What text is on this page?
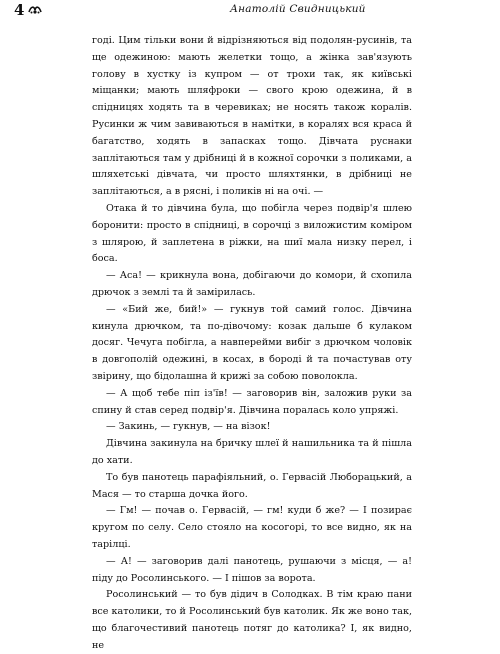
4	Анатолій Свидницький

годі. Цим тільки вони й відрізняються від подолян-русинів, та ще одежиною: мають желетки тощо, а жінка зав'язують голову в хустку із купром — от трохи так, як київські міщанки; мають шляфроки — свого крою одежина, й в спідницях ходять та в черевиках; не носять також коралів. Русинки ж чим завиваються в намітки, в коралях вся краса й багатство, ходять в запасках тощо. Дівчата руснаки заплітаються там у дрібниці й в кожної сорочки з поликами, а шляхетські дівчата, чи просто шляхтянки, в дрібниці не заплітаються, а в рясні, і поликів ні на очі. —

Отака й то дівчина була, що побігла через подвір'я шлею боронити: просто в спідниці, в сорочці з виложистим коміром з шлярою, й заплетена в ріжки, на шиї мала низку перел, і боса.

— Аса! — крикнула вона, добігаючи до комори, й схопила дрючок з землі та й замірилась.

— «Бий же, бий!» — гукнув той самий голос. Дівчина кинула дрючком, та по-дівочому: козак дальше б кулаком досяг. Чечуга побігла, а навперейми вибіг з дрючком чоловік в довгополій одежині, в косах, в бороді й та почастував оту звірину, що бідолашна й крижі за собою поволокла.

— А щоб тебе піп із'їв! — заговорив він, заложив руки за спину й став серед подвір'я. Дівчина поралась коло упряжі.

— Закинь, — гукнув, — на візок!

Дівчина закинула на бричку шлеї й нашильника та й пішла до хати.

То був панотець парафіяльний, о. Гервасій Люборацький, а Мася — то старша дочка його.

— Гм! — почав о. Гервасій, — гм! куди б же? — І позирає кругом по селу. Село стояло на косогорі, то все видно, як на тарілці.

— А! — заговорив далі панотець, рушаючи з місця, — а! піду до Росолинського. — І пішов за ворота.

Росолинський — то був дідич в Солодках. В тім краю пани все католики, то й Росолинський був католик. Як же воно так, що благочестивий панотець потяг до католика? І, як видно, не
